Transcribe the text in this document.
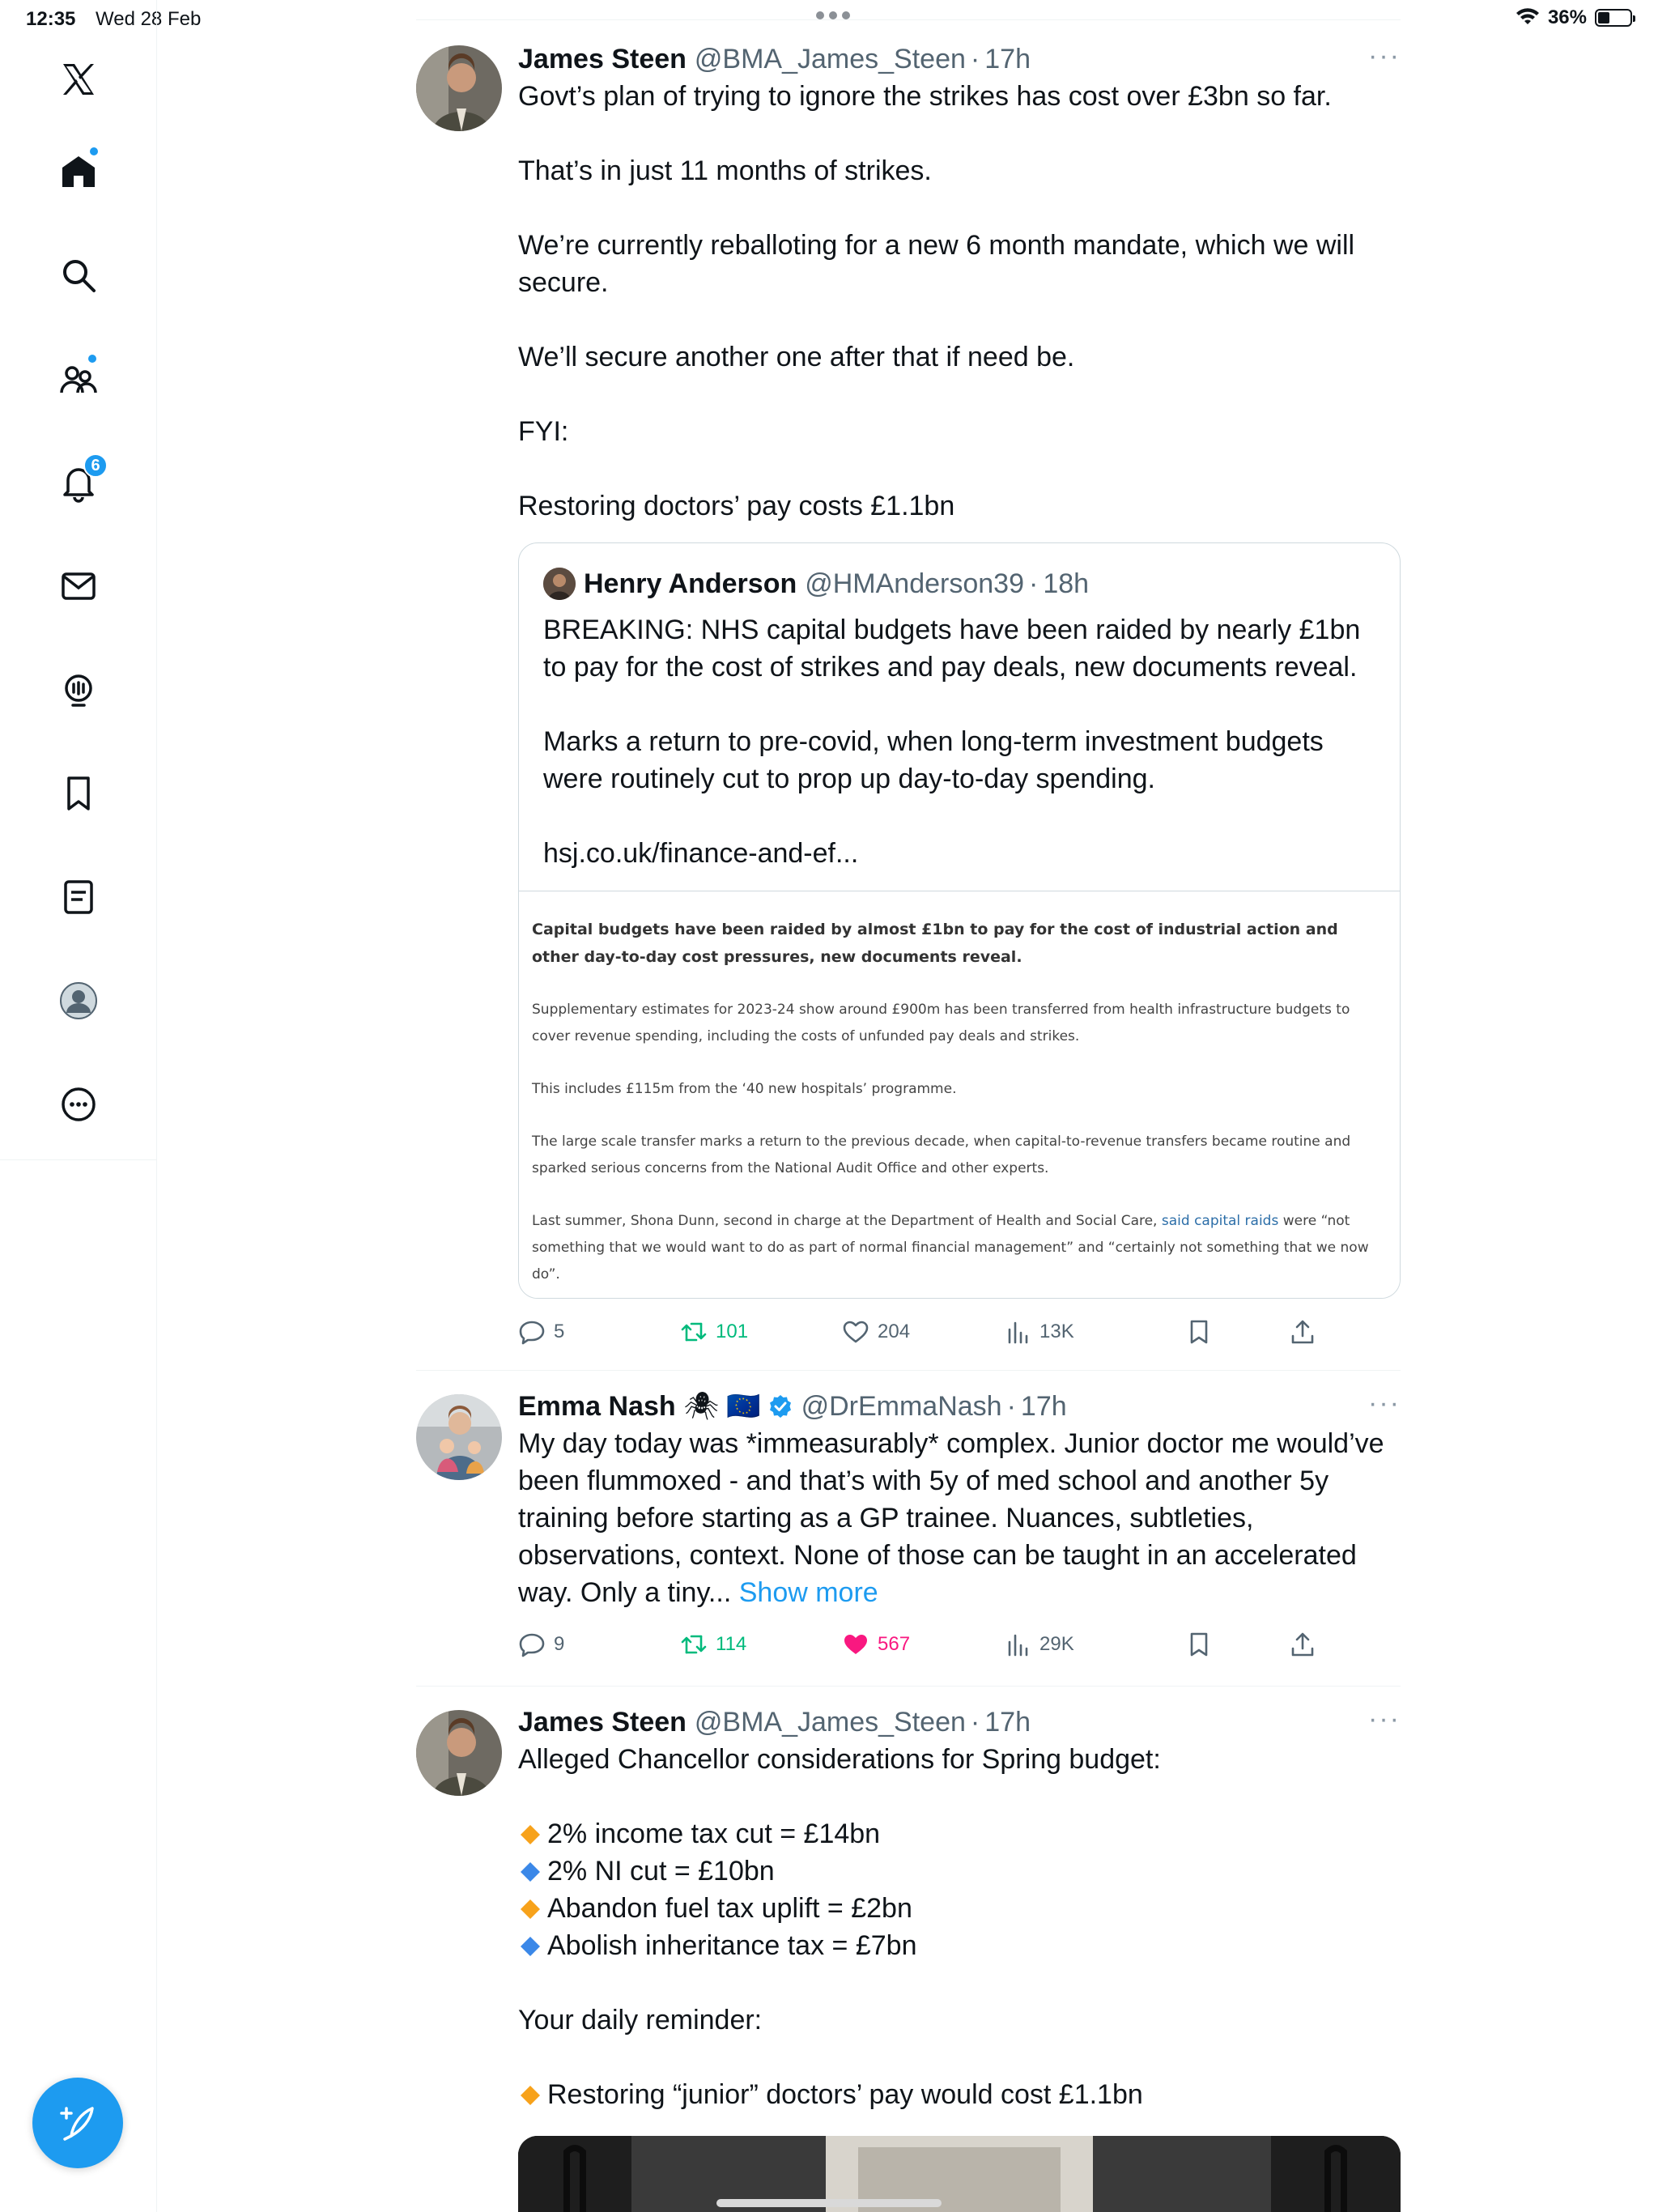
12:35 Wed 28 Feb	36%
6
James Steen @BMA_James_Steen · 17h	···

Govt’s plan of trying to ignore the strikes has cost over £3bn so far.

That’s in just 11 months of strikes.

We’re currently reballoting for a new 6 month mandate, which we will secure.

We’ll secure another one after that if need be.

FYI:

Restoring doctors’ pay costs £1.1bn

Henry Anderson @HMAnderson39 · 18h

BREAKING: NHS capital budgets have been raided by nearly £1bn to pay for the cost of strikes and pay deals, new documents reveal.

Marks a return to pre-covid, when long-term investment budgets were routinely cut to prop up day-to-day spending.

hsj.co.uk/finance-and-ef...

Capital budgets have been raided by almost £1bn to pay for the cost of industrial action and other day-to-day cost pressures, new documents reveal.

Supplementary estimates for 2023-24 show around £900m has been transferred from health infrastructure budgets to cover revenue spending, including the costs of unfunded pay deals and strikes.

This includes £115m from the ‘40 new hospitals’ programme.

The large scale transfer marks a return to the previous decade, when capital-to-revenue transfers became routine and sparked serious concerns from the National Audit Office and other experts.

Last summer, Shona Dunn, second in charge at the Department of Health and Social Care, said capital raids were “not something that we would want to do as part of normal financial management” and “certainly not something that we now do”.

5	101	204	13K
Emma Nash 🕷 🇪🇺 @DrEmmaNash · 17h	···

My day today was *immeasurably* complex. Junior doctor me would’ve been flummoxed - and that’s with 5y of med school and another 5y training before starting as a GP trainee. Nuances, subtleties, observations, context. None of those can be taught in an accelerated way. Only a tiny... Show more

9	114	567	29K
James Steen @BMA_James_Steen · 17h	···

Alleged Chancellor considerations for Spring budget:

2% income tax cut = £14bn

2% NI cut = £10bn

Abandon fuel tax uplift = £2bn

Abolish inheritance tax = £7bn

Your daily reminder:

Restoring “junior” doctors’ pay would cost £1.1bn
